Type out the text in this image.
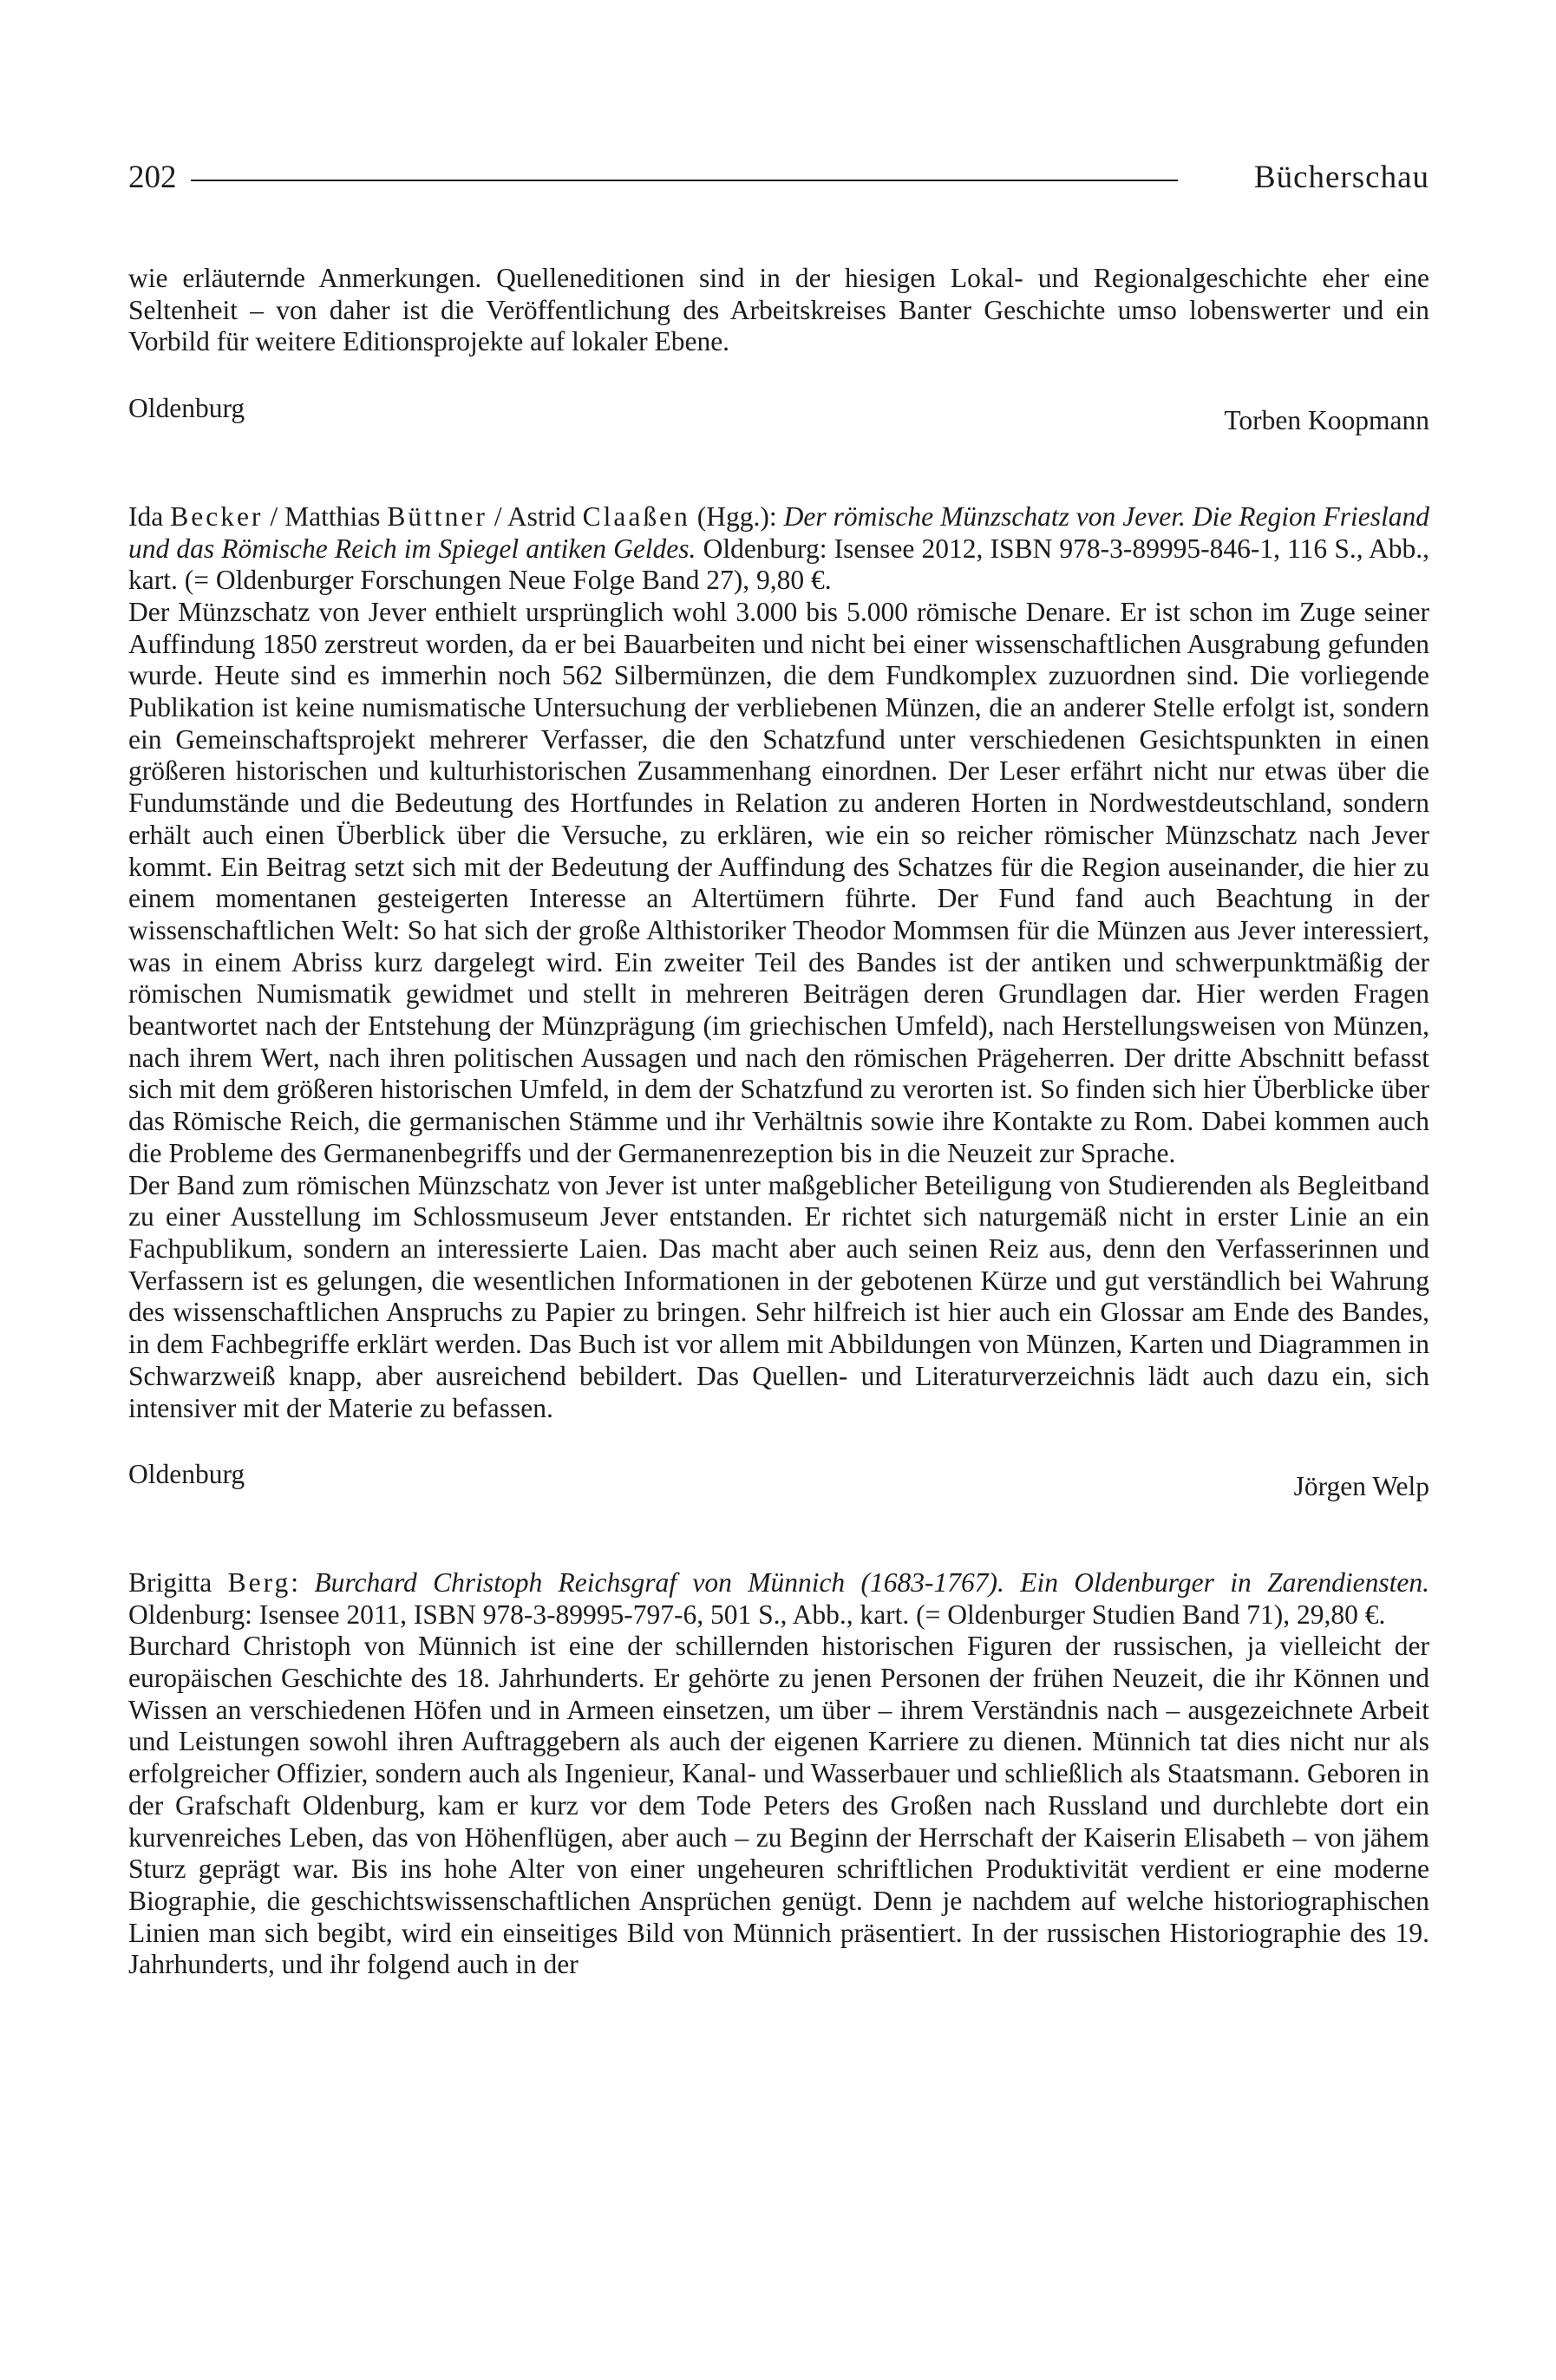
202	Bücherschau

wie erläuternde Anmerkungen. Quelleneditionen sind in der hiesigen Lokal- und Regionalgeschichte eher eine Seltenheit – von daher ist die Veröffentlichung des Arbeitskreises Banter Geschichte umso lobenswerter und ein Vorbild für weitere Editionsprojekte auf lokaler Ebene.

Oldenburg	Torben Koopmann

Ida Becker / Matthias Büttner / Astrid Claaßen (Hgg.): Der römische Münzschatz von Jever. Die Region Friesland und das Römische Reich im Spiegel antiken Geldes. Oldenburg: Isensee 2012, ISBN 978-3-89995-846-1, 116 S., Abb., kart. (= Oldenburger Forschungen Neue Folge Band 27), 9,80 €.

Der Münzschatz von Jever enthielt ursprünglich wohl 3.000 bis 5.000 römische Denare. Er ist schon im Zuge seiner Auffindung 1850 zerstreut worden, da er bei Bauarbeiten und nicht bei einer wissenschaftlichen Ausgrabung gefunden wurde. Heute sind es immerhin noch 562 Silbermünzen, die dem Fundkomplex zuzuordnen sind. Die vorliegende Publikation ist keine numismatische Untersuchung der verbliebenen Münzen, die an anderer Stelle erfolgt ist, sondern ein Gemeinschaftsprojekt mehrerer Verfasser, die den Schatzfund unter verschiedenen Gesichtspunkten in einen größeren historischen und kulturhistorischen Zusammenhang einordnen. Der Leser erfährt nicht nur etwas über die Fundumstände und die Bedeutung des Hortfundes in Relation zu anderen Horten in Nordwestdeutschland, sondern erhält auch einen Überblick über die Versuche, zu erklären, wie ein so reicher römischer Münzschatz nach Jever kommt. Ein Beitrag setzt sich mit der Bedeutung der Auffindung des Schatzes für die Region auseinander, die hier zu einem momentanen gesteigerten Interesse an Altertümern führte. Der Fund fand auch Beachtung in der wissenschaftlichen Welt: So hat sich der große Althistoriker Theodor Mommsen für die Münzen aus Jever interessiert, was in einem Abriss kurz dargelegt wird. Ein zweiter Teil des Bandes ist der antiken und schwerpunktmäßig der römischen Numismatik gewidmet und stellt in mehreren Beiträgen deren Grundlagen dar. Hier werden Fragen beantwortet nach der Entstehung der Münzprägung (im griechischen Umfeld), nach Herstellungsweisen von Münzen, nach ihrem Wert, nach ihren politischen Aussagen und nach den römischen Prägeherren. Der dritte Abschnitt befasst sich mit dem größeren historischen Umfeld, in dem der Schatzfund zu verorten ist. So finden sich hier Überblicke über das Römische Reich, die germanischen Stämme und ihr Verhältnis sowie ihre Kontakte zu Rom. Dabei kommen auch die Probleme des Germanenbegriffs und der Germanenrezeption bis in die Neuzeit zur Sprache.

Der Band zum römischen Münzschatz von Jever ist unter maßgeblicher Beteiligung von Studierenden als Begleitband zu einer Ausstellung im Schlossmuseum Jever entstanden. Er richtet sich naturgemäß nicht in erster Linie an ein Fachpublikum, sondern an interessierte Laien. Das macht aber auch seinen Reiz aus, denn den Verfasserinnen und Verfassern ist es gelungen, die wesentlichen Informationen in der gebotenen Kürze und gut verständlich bei Wahrung des wissenschaftlichen Anspruchs zu Papier zu bringen. Sehr hilfreich ist hier auch ein Glossar am Ende des Bandes, in dem Fachbegriffe erklärt werden. Das Buch ist vor allem mit Abbildungen von Münzen, Karten und Diagrammen in Schwarzweiß knapp, aber ausreichend bebildert. Das Quellen- und Literaturverzeichnis lädt auch dazu ein, sich intensiver mit der Materie zu befassen.

Oldenburg	Jörgen Welp

Brigitta Berg: Burchard Christoph Reichsgraf von Münnich (1683-1767). Ein Oldenburger in Zarendiensten. Oldenburg: Isensee 2011, ISBN 978-3-89995-797-6, 501 S., Abb., kart. (= Oldenburger Studien Band 71), 29,80 €.

Burchard Christoph von Münnich ist eine der schillernden historischen Figuren der russischen, ja vielleicht der europäischen Geschichte des 18. Jahrhunderts. Er gehörte zu jenen Personen der frühen Neuzeit, die ihr Können und Wissen an verschiedenen Höfen und in Armeen einsetzen, um über – ihrem Verständnis nach – ausgezeichnete Arbeit und Leistungen sowohl ihren Auftraggebern als auch der eigenen Karriere zu dienen. Münnich tat dies nicht nur als erfolgreicher Offizier, sondern auch als Ingenieur, Kanal- und Wasserbauer und schließlich als Staatsmann. Geboren in der Grafschaft Oldenburg, kam er kurz vor dem Tode Peters des Großen nach Russland und durchlebte dort ein kurvenreiches Leben, das von Höhenflügen, aber auch – zu Beginn der Herrschaft der Kaiserin Elisabeth – von jähem Sturz geprägt war. Bis ins hohe Alter von einer ungeheuren schriftlichen Produktivität verdient er eine moderne Biographie, die geschichtswissenschaftlichen Ansprüchen genügt. Denn je nachdem auf welche historiographischen Linien man sich begibt, wird ein einseitiges Bild von Münnich präsentiert. In der russischen Historiographie des 19. Jahrhunderts, und ihr folgend auch in der
